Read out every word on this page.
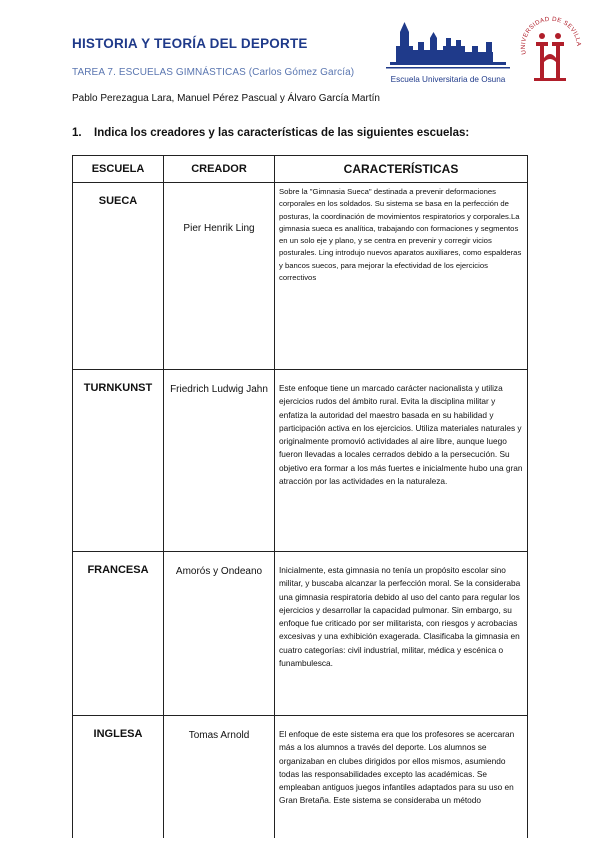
HISTORIA Y TEORÍA DEL DEPORTE
TAREA 7. ESCUELAS GIMNÁSTICAS (Carlos Gómez García)
Pablo Perezagua Lara, Manuel Pérez Pascual y Álvaro García Martín
Escuela Universitaria de Osuna
UNIVERSIDAD DE SEVILLA
1. Indica los creadores y las características de las siguientes escuelas:
ESCUELA	CREADOR	CARACTERÍSTICAS
SUECA	Pier Henrik Ling	Sobre la "Gimnasia Sueca" destinada a prevenir deformaciones corporales en los soldados. Su sistema se basa en la perfección de posturas, la coordinación de movimientos respiratorios y corporales.La gimnasia sueca es analítica, trabajando con formaciones y segmentos en un solo eje y plano, y se centra en prevenir y corregir vicios posturales. Ling introdujo nuevos aparatos auxiliares, como espalderas y bancos suecos, para mejorar la efectividad de los ejercicios correctivos

TURNKUNST	Friedrich Ludwig Jahn	Este enfoque tiene un marcado carácter nacionalista y utiliza ejercicios rudos del ámbito rural. Evita la disciplina militar y enfatiza la autoridad del maestro basada en su habilidad y participación activa en los ejercicios. Utiliza materiales naturales y originalmente promovió actividades al aire libre, aunque luego fueron llevadas a locales cerrados debido a la persecución. Su objetivo era formar a los más fuertes e inicialmente hubo una gran atracción por las actividades en la naturaleza.

FRANCESA	Amorós y Ondeano	Inicialmente, esta gimnasia no tenía un propósito escolar sino militar, y buscaba alcanzar la perfección moral. Se la consideraba una gimnasia respiratoria debido al uso del canto para regular los ejercicios y desarrollar la capacidad pulmonar. Sin embargo, su enfoque fue criticado por ser militarista, con riesgos y acrobacias excesivas y una exhibición exagerada. Clasificaba la gimnasia en cuatro categorías: civil industrial, militar, médica y escénica o funambulesca.

INGLESA	Tomas Arnold	El enfoque de este sistema era que los profesores se acercaran más a los alumnos a través del deporte. Los alumnos se organizaban en clubes dirigidos por ellos mismos, asumiendo todas las responsabilidades excepto las académicas. Se empleaban antiguos juegos infantiles adaptados para su uso en Gran Bretaña. Este sistema se consideraba un método
